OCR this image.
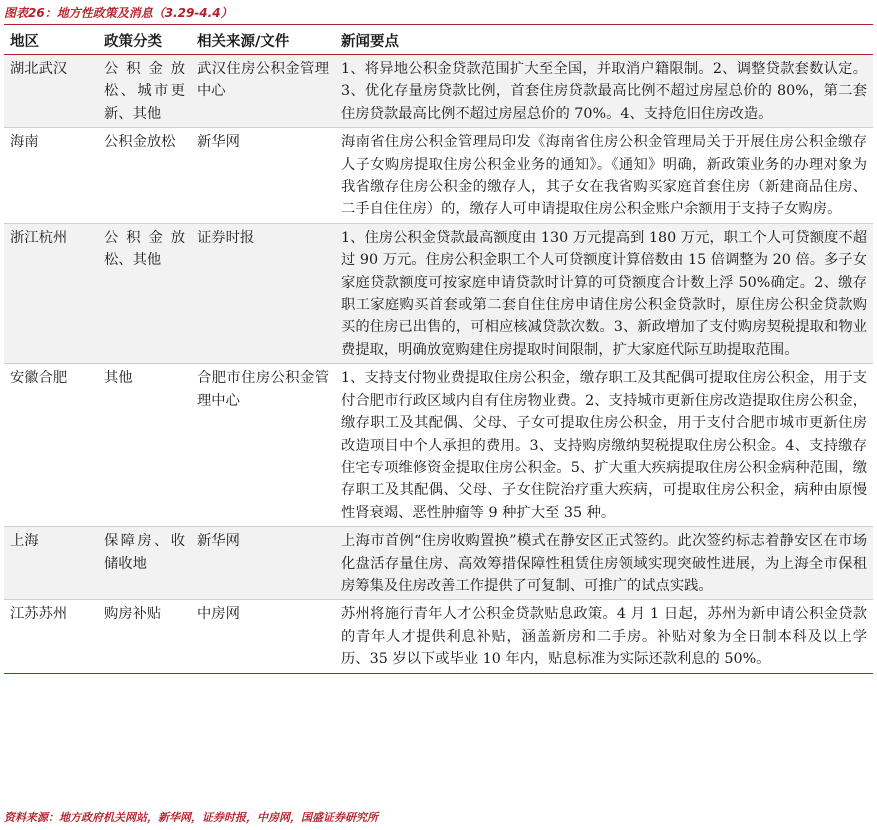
图表26：地方性政策及消息（3.29-4.4）
地区	政策分类	相关来源/文件	新闻要点
湖北武汉	公积金放松、城市更新、其他	武汉住房公积金管理中心	1、将异地公积金贷款范围扩大至全国，并取消户籍限制。2、调整贷款套数认定。3、优化存量房贷款比例，首套住房贷款最高比例不超过房屋总价的 80%，第二套住房贷款最高比例不超过房屋总价的 70%。4、支持危旧住房改造。
海南	公积金放松	新华网	海南省住房公积金管理局印发《海南省住房公积金管理局关于开展住房公积金缴存人子女购房提取住房公积金业务的通知》。《通知》明确，新政策业务的办理对象为我省缴存住房公积金的缴存人，其子女在我省购买家庭首套住房（新建商品住房、二手自住住房）的，缴存人可申请提取住房公积金账户余额用于支持子女购房。
浙江杭州	公积金放松、其他	证券时报	1、住房公积金贷款最高额度由 130 万元提高到 180 万元，职工个人可贷额度不超过 90 万元。住房公积金职工个人可贷额度计算倍数由 15 倍调整为 20 倍。多子女家庭贷款额度可按家庭申请贷款时计算的可贷额度合计数上浮 50%确定。2、缴存职工家庭购买首套或第二套自住住房申请住房公积金贷款时，原住房公积金贷款购买的住房已出售的，可相应核减贷款次数。3、新政增加了支付购房契税提取和物业费提取，明确放宽购建住房提取时间限制，扩大家庭代际互助提取范围。
安徽合肥	其他	合肥市住房公积金管理中心	1、支持支付物业费提取住房公积金，缴存职工及其配偶可提取住房公积金，用于支付合肥市行政区域内自有住房物业费。2、支持城市更新住房改造提取住房公积金，缴存职工及其配偶、父母、子女可提取住房公积金，用于支付合肥市城市更新住房改造项目中个人承担的费用。3、支持购房缴纳契税提取住房公积金。4、支持缴存住宅专项维修资金提取住房公积金。5、扩大重大疾病提取住房公积金病种范围，缴存职工及其配偶、父母、子女住院治疗重大疾病，可提取住房公积金，病种由原慢性肾衰竭、恶性肿瘤等 9 种扩大至 35 种。
上海	保障房、收储收地	新华网	上海市首例“住房收购置换”模式在静安区正式签约。此次签约标志着静安区在市场化盘活存量住房、高效筹措保障性租赁住房领域实现突破性进展，为上海全市保租房筹集及住房改善工作提供了可复制、可推广的试点实践。
江苏苏州	购房补贴	中房网	苏州将施行青年人才公积金贷款贴息政策。4 月 1 日起，苏州为新申请公积金贷款的青年人才提供利息补贴，涵盖新房和二手房。补贴对象为全日制本科及以上学历、35 岁以下或毕业 10 年内，贴息标准为实际还款利息的 50%。
资料来源：地方政府机关网站，新华网，证券时报，中房网，国盛证券研究所
